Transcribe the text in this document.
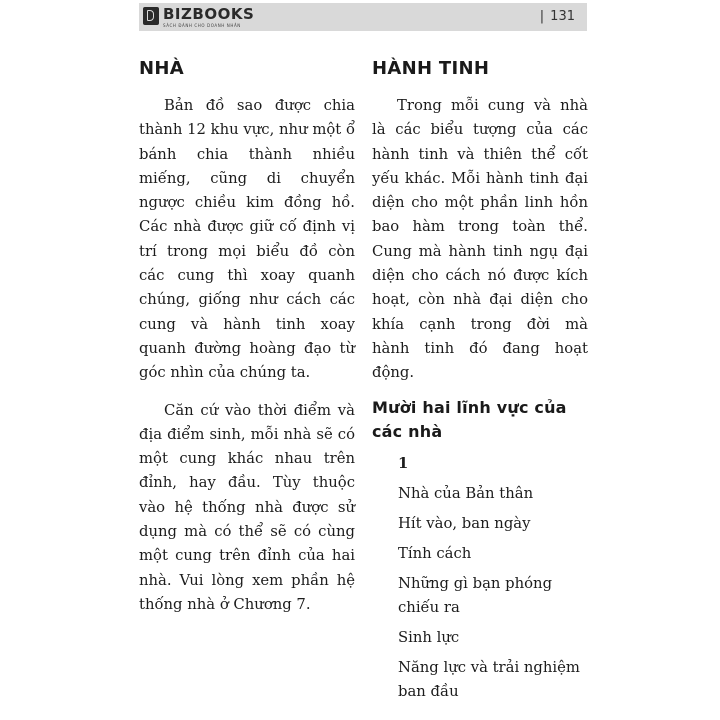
BIZBOOKS
SÁCH ĐÁNH CHO DOANH NHÂN
| 131
NHÀ

Bản đồ sao được chia thành 12 khu vực, như một ổ bánh chia thành nhiều miếng, cũng di chuyển ngược chiều kim đồng hồ. Các nhà được giữ cố định vị trí trong mọi biểu đồ còn các cung thì xoay quanh chúng, giống như cách các cung và hành tinh xoay quanh đường hoàng đạo từ góc nhìn của chúng ta.

Căn cứ vào thời điểm và địa điểm sinh, mỗi nhà sẽ có một cung khác nhau trên đỉnh, hay đầu. Tùy thuộc vào hệ thống nhà được sử dụng mà có thể sẽ có cùng một cung trên đỉnh của hai nhà. Vui lòng xem phần hệ thống nhà ở Chương 7.

HÀNH TINH

Trong mỗi cung và nhà là các biểu tượng của các hành tinh và thiên thể cốt yếu khác. Mỗi hành tinh đại diện cho một phần linh hồn bao hàm trong toàn thể. Cung mà hành tinh ngụ đại diện cho cách nó được kích hoạt, còn nhà đại diện cho khía cạnh trong đời mà hành tinh đó đang hoạt động.

Mười hai lĩnh vực của các nhà
1
Nhà của Bản thân
Hít vào, ban ngày
Tính cách
Những gì bạn phóng chiếu ra
Sinh lực
Năng lực và trải nghiệm ban đầu
